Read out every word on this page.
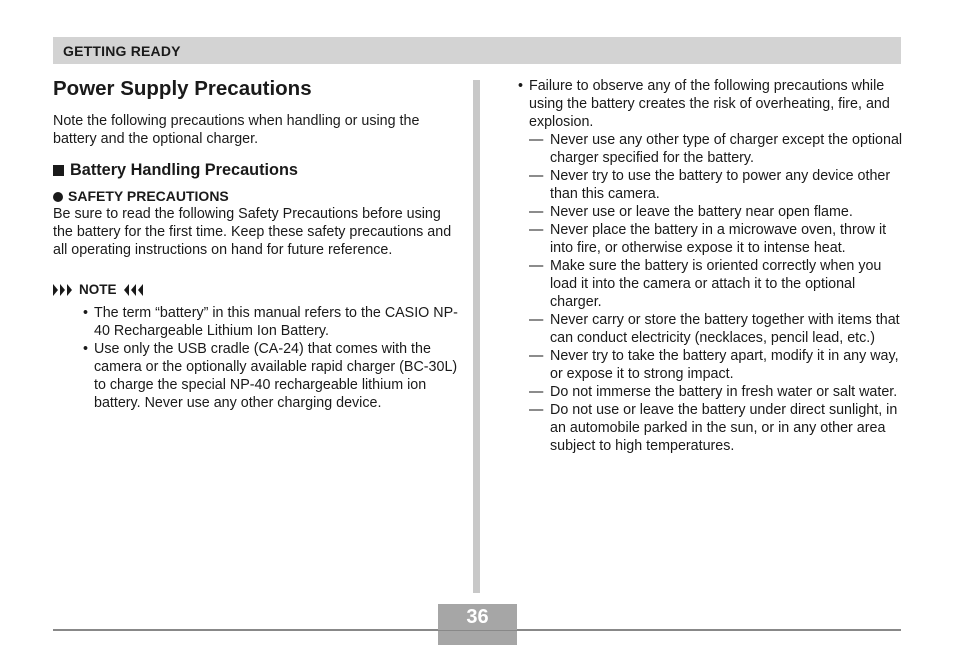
GETTING READY
Power Supply Precautions

Note the following precautions when handling or using the battery and the optional charger.

Battery Handling Precautions
SAFETY PRECAUTIONS

Be sure to read the following Safety Precautions before using the battery for the first time. Keep these safety precautions and all operating instructions on hand for future reference.

NOTE
• The term “battery” in this manual refers to the CASIO NP-40 Rechargeable Lithium Ion Battery.
• Use only the USB cradle (CA-24) that comes with the camera or the optionally available rapid charger (BC-30L) to charge the special NP-40 rechargeable lithium ion battery. Never use any other charging device.

• Failure to observe any of the following precautions while using the battery creates the risk of overheating, fire, and explosion.

— Never use any other type of charger except the optional charger specified for the battery.
— Never try to use the battery to power any device other than this camera.
— Never use or leave the battery near open flame.
— Never place the battery in a microwave oven, throw it into fire, or otherwise expose it to intense heat.
— Make sure the battery is oriented correctly when you load it into the camera or attach it to the optional charger.
— Never carry or store the battery together with items that can conduct electricity (necklaces, pencil lead, etc.)
— Never try to take the battery apart, modify it in any way, or expose it to strong impact.
— Do not immerse the battery in fresh water or salt water.
— Do not use or leave the battery under direct sunlight, in an automobile parked in the sun, or in any other area subject to high temperatures.
36
